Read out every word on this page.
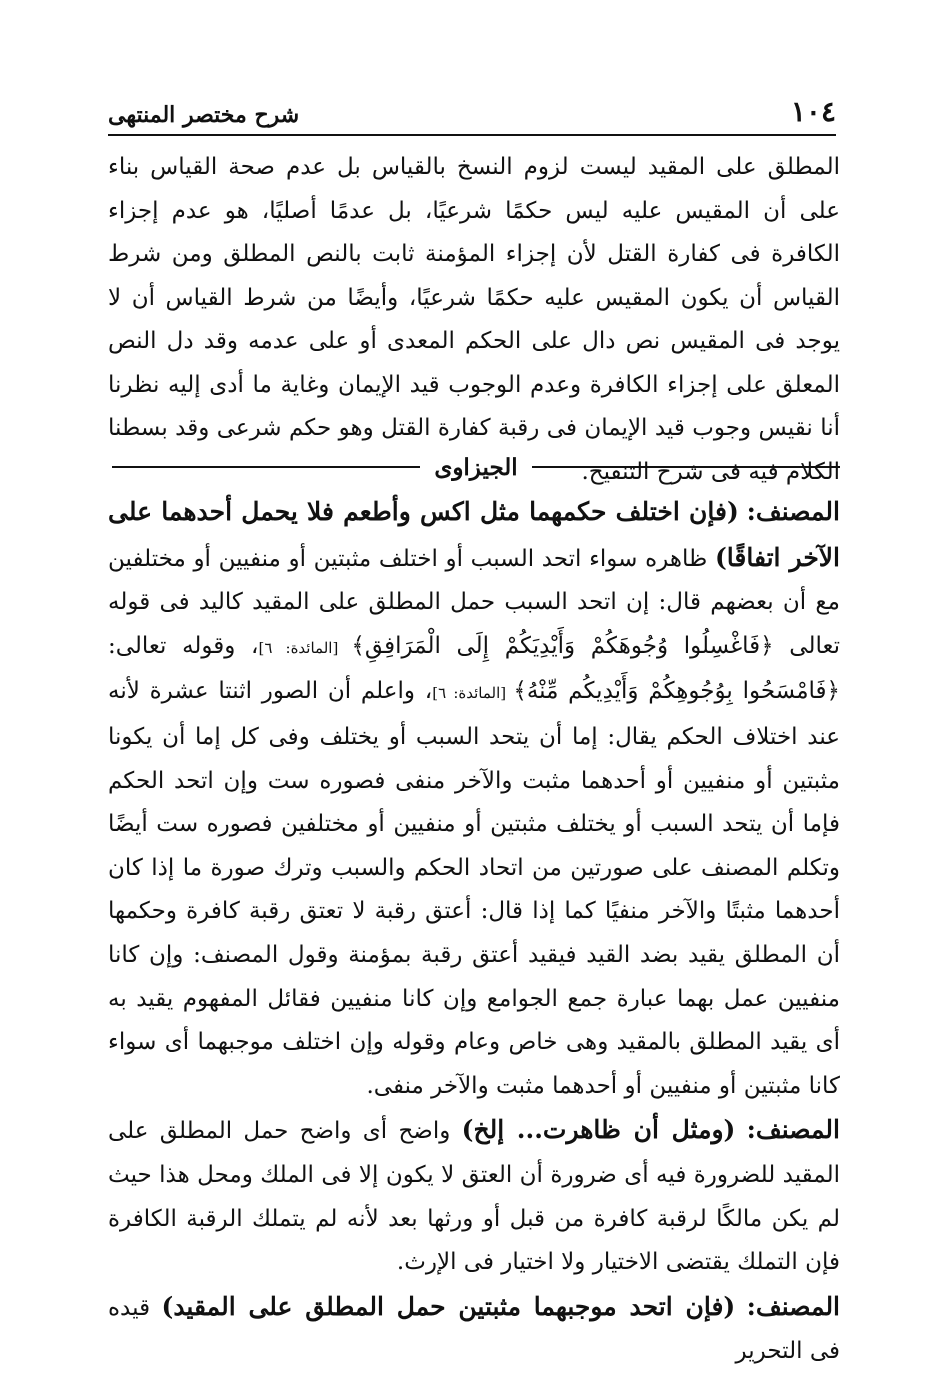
١٠٤
شرح مختصر المنتهى

المطلق على المقيد ليست لزوم النسخ بالقياس بل عدم صحة القياس بناء على أن المقيس عليه ليس حكمًا شرعيًا، بل عدمًا أصليًا، هو عدم إجزاء الكافرة فى كفارة القتل لأن إجزاء المؤمنة ثابت بالنص المطلق ومن شرط القياس أن يكون المقيس عليه حكمًا شرعيًا، وأيضًا من شرط القياس أن لا يوجد فى المقيس نص دال على الحكم المعدى أو على عدمه وقد دل النص المعلق على إجزاء الكافرة وعدم الوجوب قيد الإيمان وغاية ما أدى إليه نظرنا أنا نقيس وجوب قيد الإيمان فى رقبة كفارة القتل وهو حكم شرعى وقد بسطنا الكلام فيه فى شرح التنقيح.

الجيزاوى

المصنف: (فإن اختلف حكمهما مثل اكس وأطعم فلا يحمل أحدهما على الآخر اتفاقًا) ظاهره سواء اتحد السبب أو اختلف مثبتين أو منفيين أو مختلفين مع أن بعضهم قال: إن اتحد السبب حمل المطلق على المقيد كاليد فى قوله تعالى ﴿فَاغْسِلُوا وُجُوهَكُمْ وَأَيْدِيَكُمْ إِلَى الْمَرَافِقِ﴾ [المائدة: ٦]، وقوله تعالى: ﴿فَامْسَحُوا بِوُجُوهِكُمْ وَأَيْدِيكُم مِّنْهُ﴾ [المائدة: ٦]، واعلم أن الصور اثنتا عشرة لأنه عند اختلاف الحكم يقال: إما أن يتحد السبب أو يختلف وفى كل إما أن يكونا مثبتين أو منفيين أو أحدهما مثبت والآخر منفى فصوره ست وإن اتحد الحكم فإما أن يتحد السبب أو يختلف مثبتين أو منفيين أو مختلفين فصوره ست أيضًا وتكلم المصنف على صورتين من اتحاد الحكم والسبب وترك صورة ما إذا كان أحدهما مثبتًا والآخر منفيًا كما إذا قال: أعتق رقبة لا تعتق رقبة كافرة وحكمها أن المطلق يقيد بضد القيد فيقيد أعتق رقبة بمؤمنة وقول المصنف: وإن كانا منفيين عمل بهما عبارة جمع الجوامع وإن كانا منفيين فقائل المفهوم يقيد به أى يقيد المطلق بالمقيد وهى خاص وعام وقوله وإن اختلف موجبهما أى سواء كانا مثبتين أو منفيين أو أحدهما مثبت والآخر منفى.

المصنف: (ومثل أن ظاهرت... إلخ) واضح أى واضح حمل المطلق على المقيد للضرورة فيه أى ضرورة أن العتق لا يكون إلا فى الملك ومحل هذا حيث لم يكن مالكًا لرقبة كافرة من قبل أو ورثها بعد لأنه لم يتملك الرقبة الكافرة فإن التملك يقتضى الاختيار ولا اختيار فى الإرث.

المصنف: (فإن اتحد موجبهما مثبتين حمل المطلق على المقيد) قيده فى التحرير
